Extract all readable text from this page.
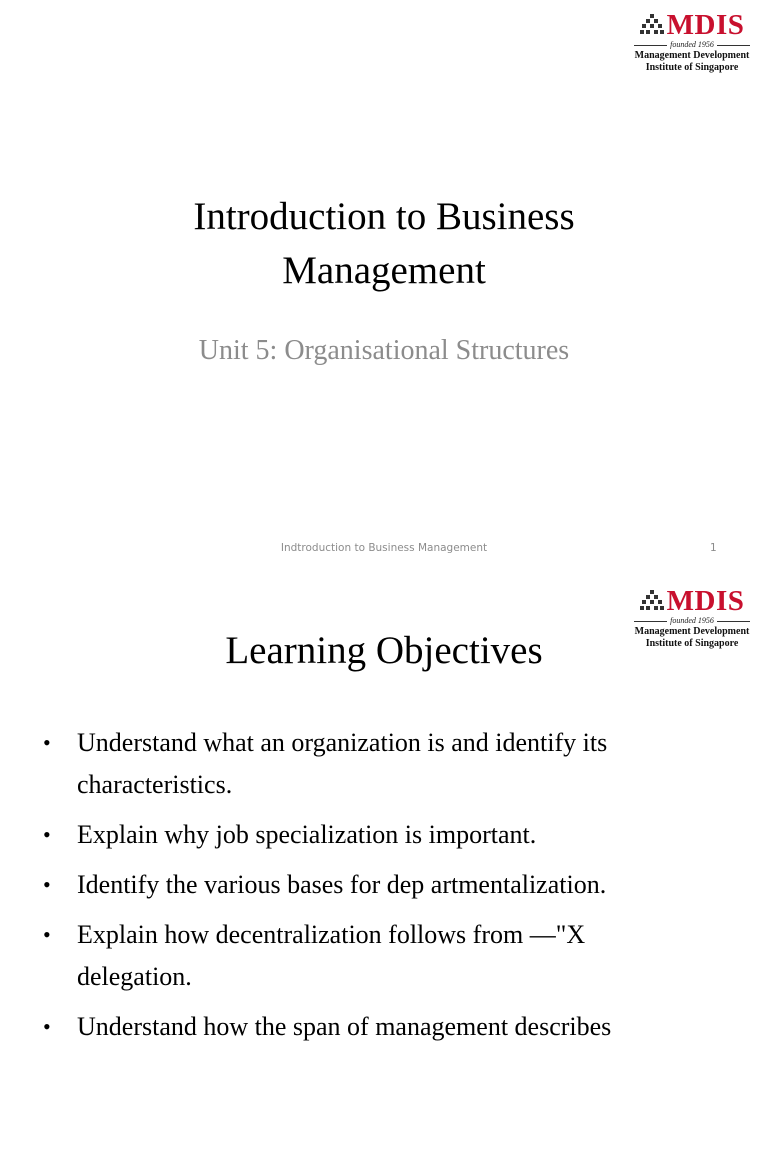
MDIS
founded 1956
Management Development
Institute of Singapore
Introduction to Business
Management
Unit 5: Organisational Structures
Indtroduction to Business Management	1
MDIS
founded 1956
Management Development
Institute of Singapore
Learning Objectives
• Understand what an organization is and identify its
characteristics.
• Explain why job specialization is important.
• Identify the various bases for dep artmentalization.
• Explain how decentralization follows from —"X
delegation.
• Understand how the span of management describes
